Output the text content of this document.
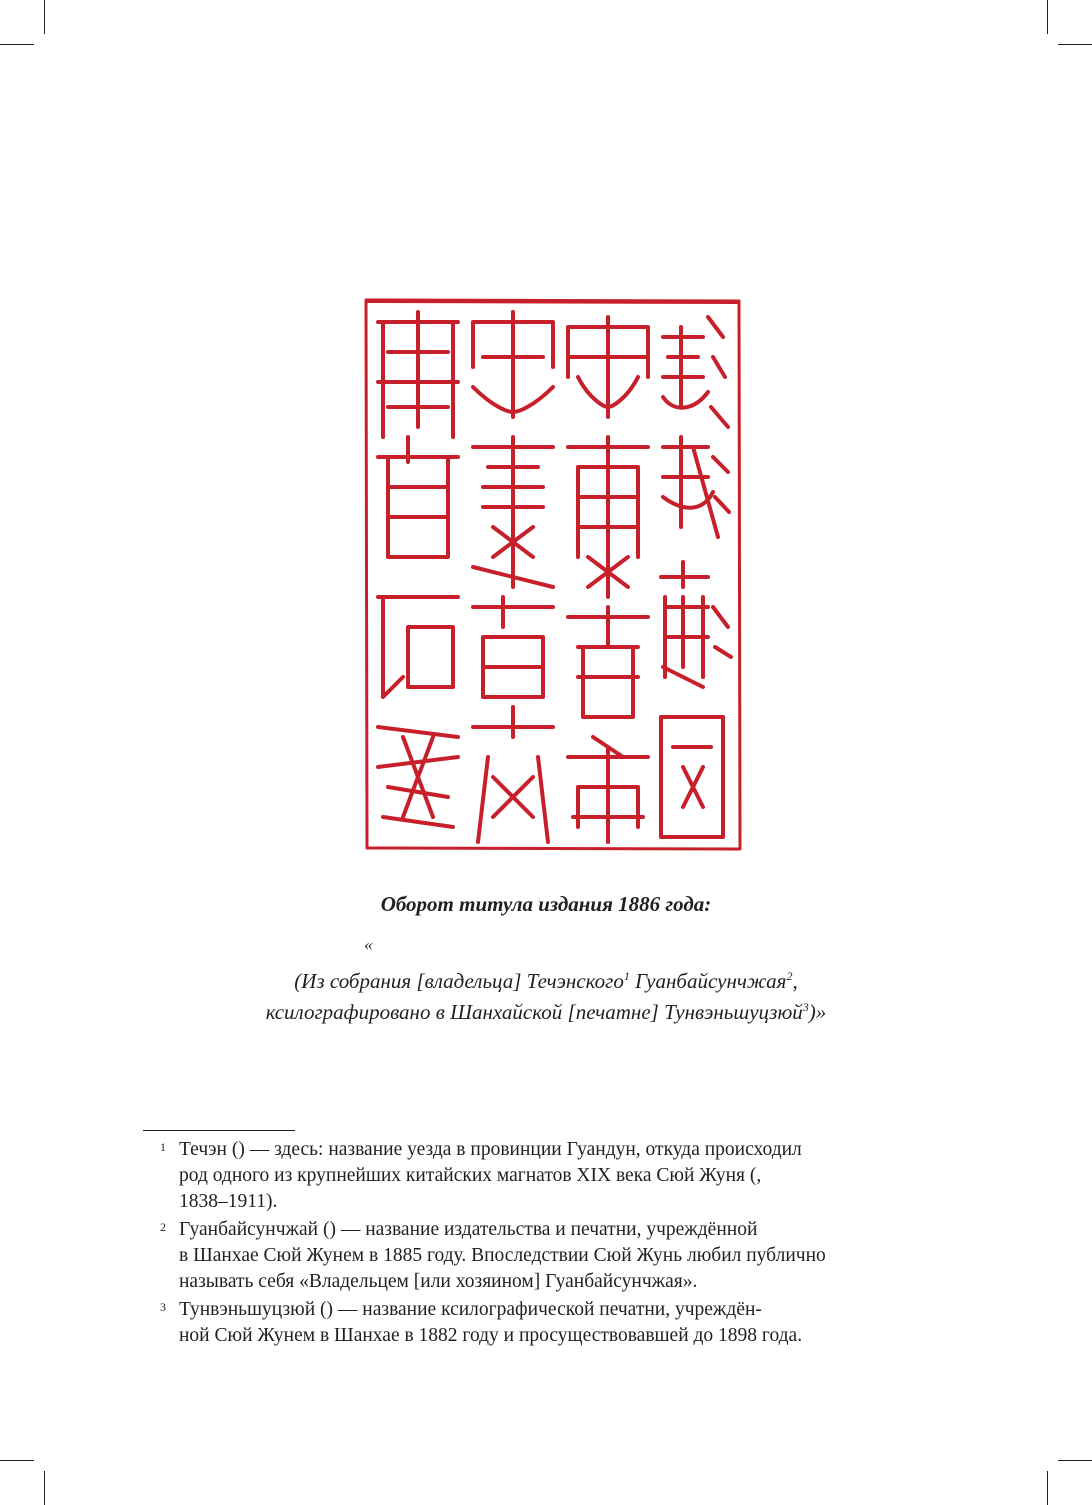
Оборот титула издания 1886 года:
«
(Из собрания [владельца] Течэнского$^1$ Гуанбайсунчжая$^2$,
ксилографировано в Шанхайской [печатне] Тунвэньшуцзюй$^3$)»
1 Течэн () — здесь: название уезда в провинции Гуандун, откуда происходил
род одного из крупнейших китайских магнатов XIX века Сюй Жуня (,
1838–1911).
2 Гуанбайсунчжай () — название издательства и печатни, учреждённой
в Шанхае Сюй Жунем в 1885 году. Впоследствии Сюй Жунь любил публично
называть себя «Владельцем [или хозяином] Гуанбайсунчжая».
3 Тунвэньшуцзюй () — название ксилографической печатни, учреждён-
ной Сюй Жунем в Шанхае в 1882 году и просуществовавшей до 1898 года.
